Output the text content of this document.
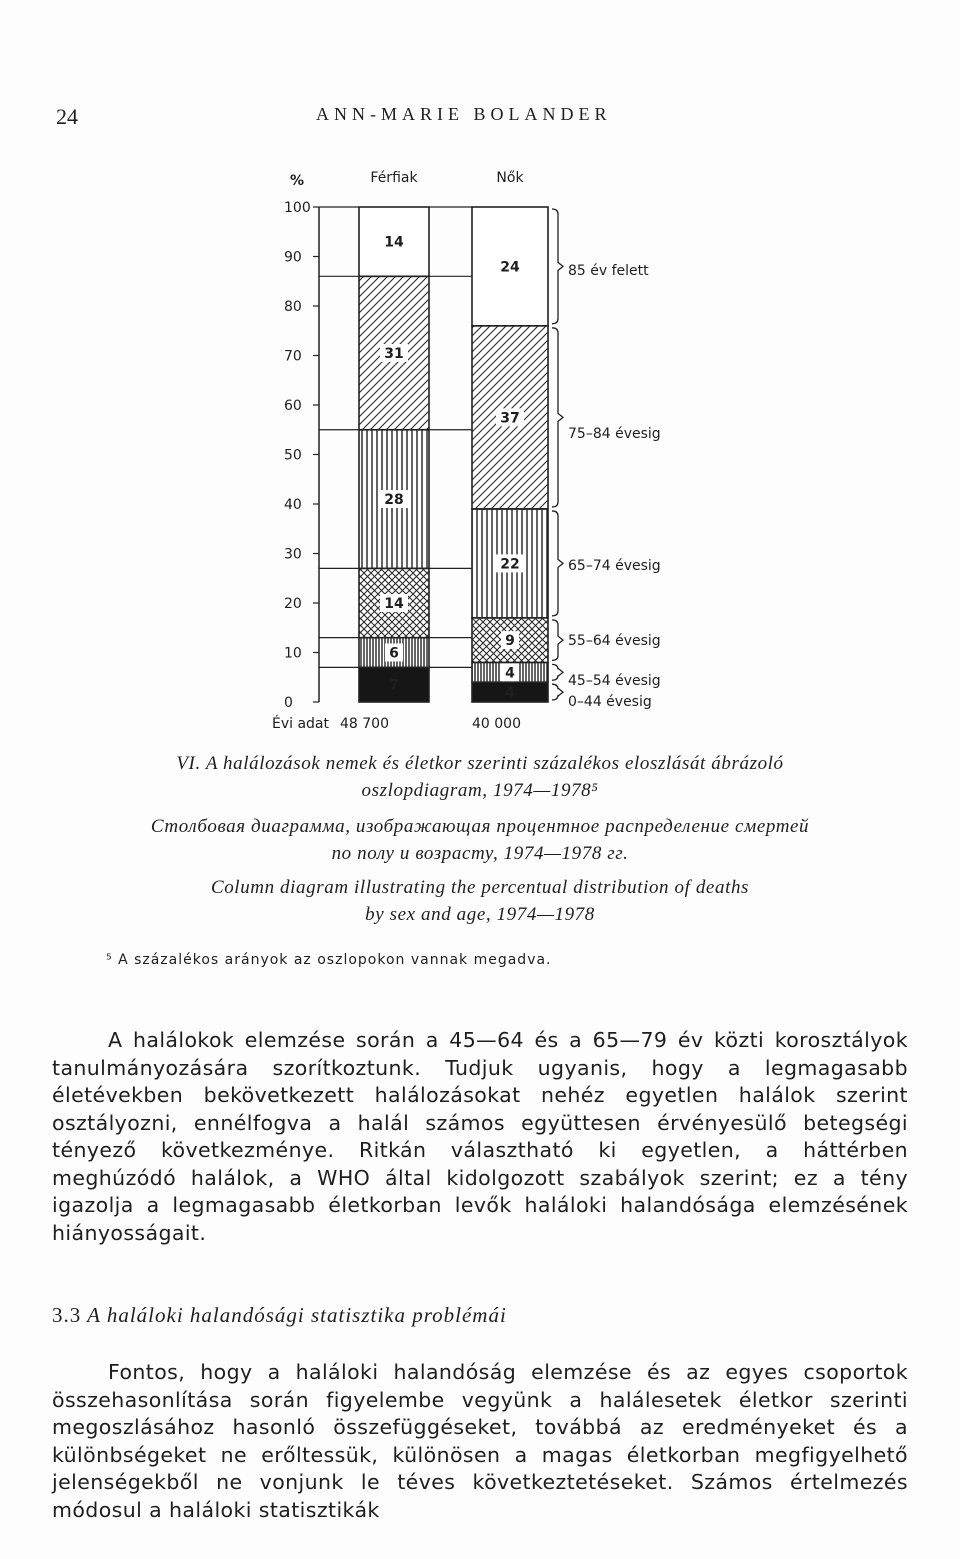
24	ANN-MARIE BOLANDER
%
100
90
80
70
60
50
40
30
20
10
0
Férfiak
7
6
14
28
31
14
48 700
Nők
4
4
9
22
37
24
40 000
0–44 évesig
45–54 évesig
55–64 évesig
65–74 évesig
75–84 évesig
85 év felett
Évi adat
VI. A halálozások nemek és életkor szerinti százalékos eloszlását ábrázoló
oszlopdiagram, 1974—1978⁵
Столбовая диаграмма, изображающая процентное распределение смертей
по полу и возрасту, 1974—1978 гг.
Column diagram illustrating the percentual distribution of deaths
by sex and age, 1974—1978
⁵ A százalékos arányok az oszlopokon vannak megadva.

A halálokok elemzése során a 45—64 és a 65—79 év közti korosztályok tanulmányozására szorítkoztunk. Tudjuk ugyanis, hogy a legmagasabb életévekben bekövetkezett halálozásokat nehéz egyetlen halálok szerint osztályozni, ennélfogva a halál számos együttesen érvényesülő betegségi tényező következménye. Ritkán választható ki egyetlen, a háttérben meghúzódó halálok, a WHO által kidolgozott szabályok szerint; ez a tény igazolja a legmagasabb életkorban levők haláloki halandósága elemzésének hiányosságait.

3.3 A haláloki halandósági statisztika problémái

Fontos, hogy a haláloki halandóság elemzése és az egyes csoportok összehasonlítása során figyelembe vegyünk a halálesetek életkor szerinti megoszlásához hasonló összefüggéseket, továbbá az eredményeket és a különbségeket ne erőltessük, különösen a magas életkorban megfigyelhető jelenségekből ne vonjunk le téves következtetéseket. Számos értelmezés módosul a haláloki statisztikák
